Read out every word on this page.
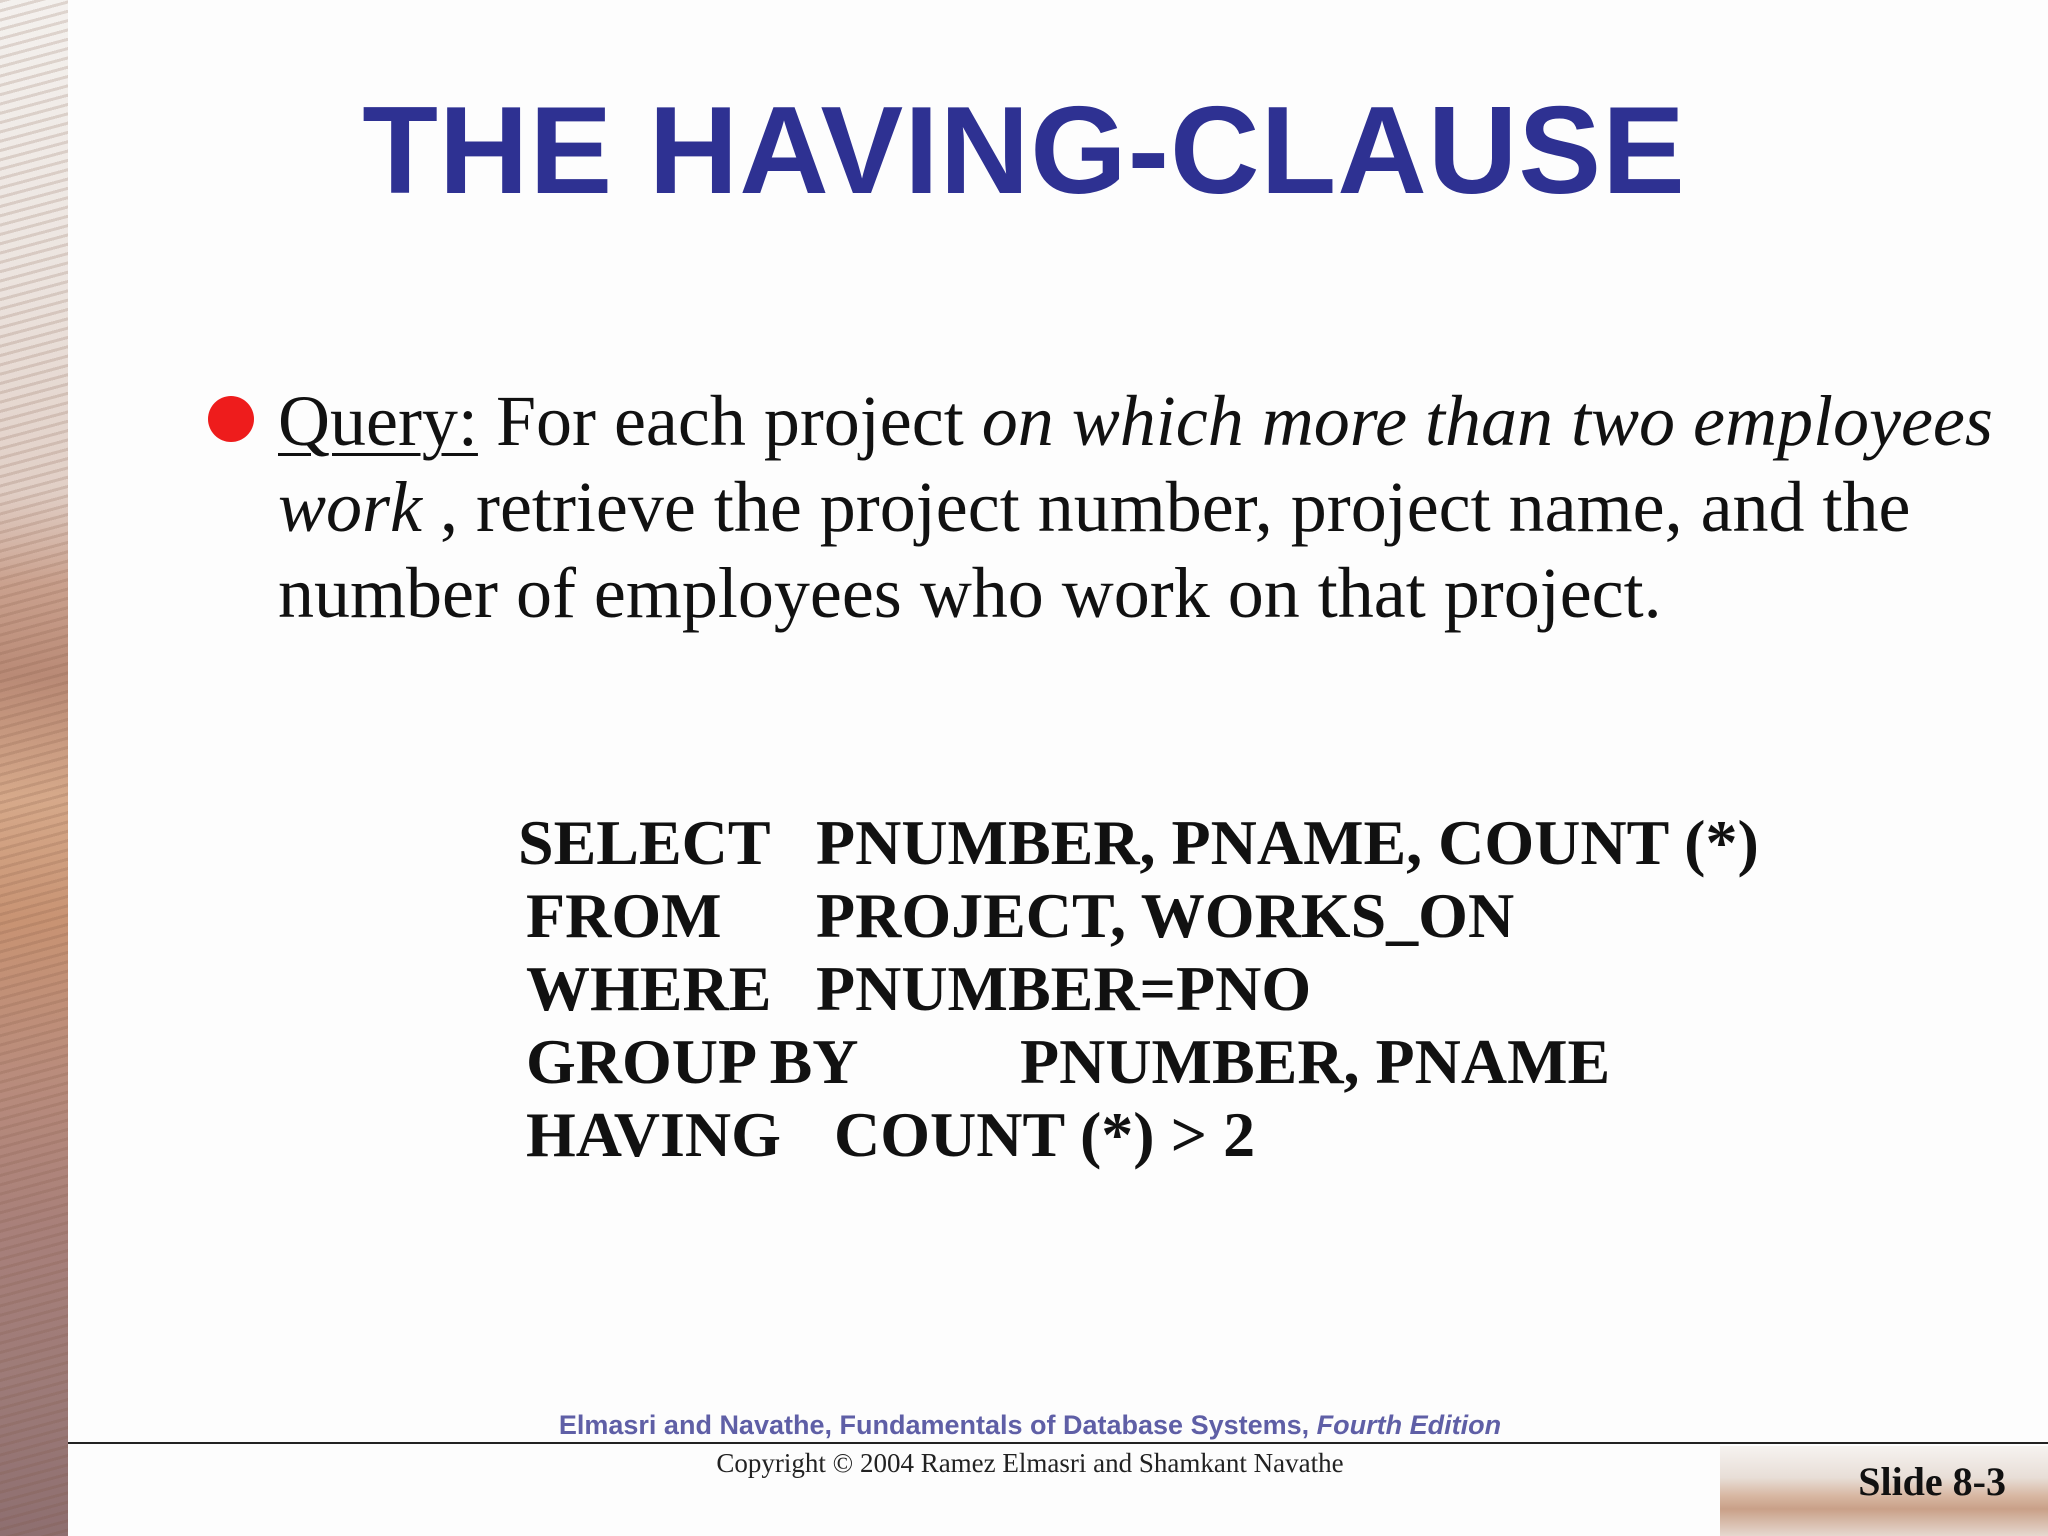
THE HAVING-CLAUSE
Query: For each project on which more than two employees work , retrieve the project number, project name, and the number of employees who work on that project.

SELECT

PNUMBER, PNAME, COUNT (*)

FROM

PROJECT, WORKS_ON

WHERE

PNUMBER=PNO

GROUP BY

	PNUMBER, PNAME

HAVING

COUNT (*) > 2

Elmasri and Navathe, Fundamentals of Database Systems, Fourth Edition
Copyright © 2004 Ramez Elmasri and Shamkant Navathe	Slide 8-3
